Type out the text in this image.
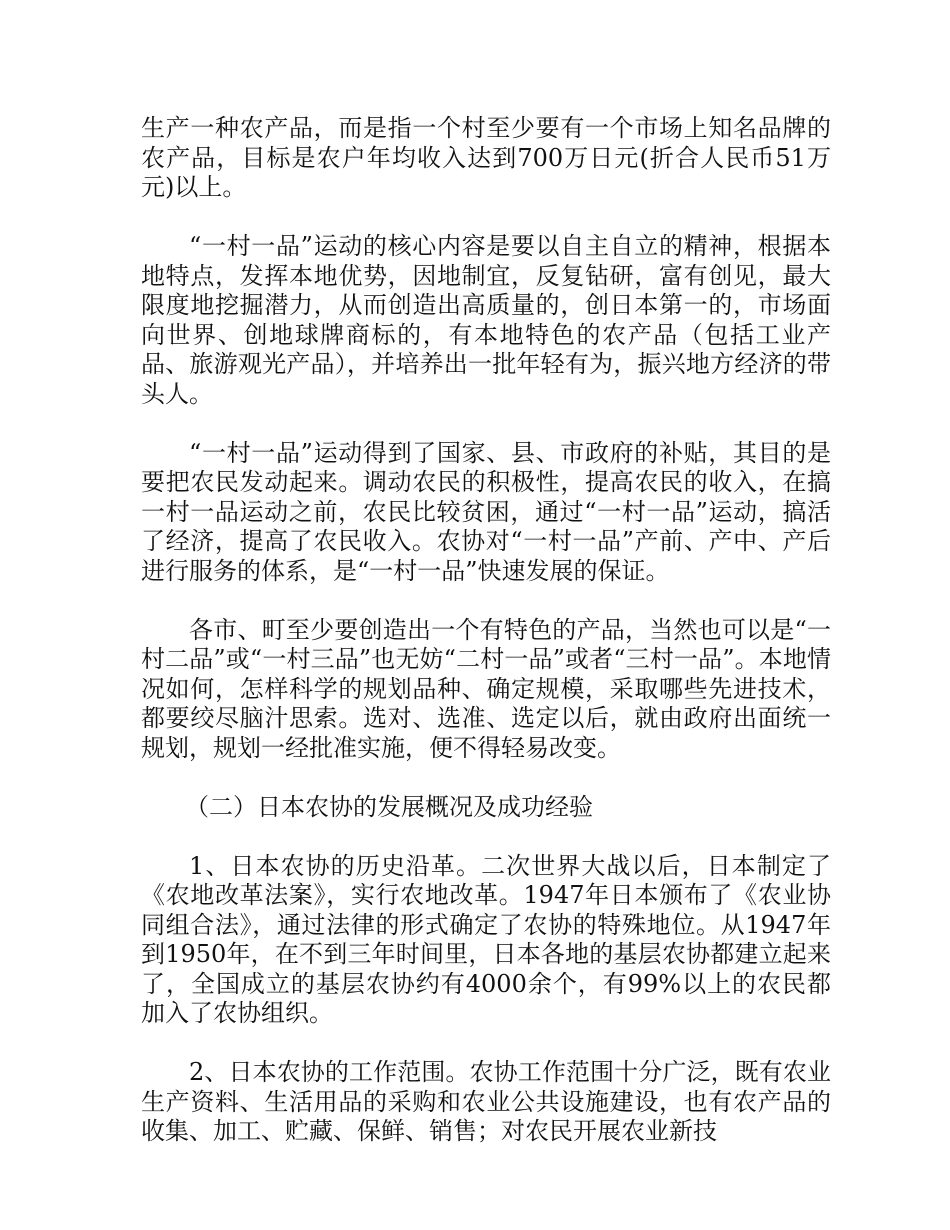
生产一种农产品，而是指一个村至少要有一个市场上知名品牌的农产品，目标是农户年均收入达到700万日元(折合人民币51万元)以上。

“一村一品”运动的核心内容是要以自主自立的精神，根据本地特点，发挥本地优势，因地制宜，反复钻研，富有创见，最大限度地挖掘潜力，从而创造出高质量的，创日本第一的，市场面向世界、创地球牌商标的，有本地特色的农产品（包括工业产品、旅游观光产品），并培养出一批年轻有为，振兴地方经济的带头人。

“一村一品”运动得到了国家、县、市政府的补贴，其目的是要把农民发动起来。调动农民的积极性，提高农民的收入，在搞一村一品运动之前，农民比较贫困，通过“一村一品”运动，搞活了经济，提高了农民收入。农协对“一村一品”产前、产中、产后进行服务的体系，是“一村一品”快速发展的保证。

各市、町至少要创造出一个有特色的产品，当然也可以是“一村二品”或“一村三品”也无妨“二村一品”或者“三村一品”。本地情况如何，怎样科学的规划品种、确定规模，采取哪些先进技术，都要绞尽脑汁思索。选对、选准、选定以后，就由政府出面统一规划，规划一经批准实施，便不得轻易改变。

（二）日本农协的发展概况及成功经验

1、日本农协的历史沿革。二次世界大战以后，日本制定了《农地改革法案》，实行农地改革。1947年日本颁布了《农业协同组合法》，通过法律的形式确定了农协的特殊地位。从1947年到1950年，在不到三年时间里，日本各地的基层农协都建立起来了，全国成立的基层农协约有4000余个，有99%以上的农民都加入了农协组织。

2、日本农协的工作范围。农协工作范围十分广泛，既有农业生产资料、生活用品的采购和农业公共设施建设，也有农产品的收集、加工、贮藏、保鲜、销售；对农民开展农业新技
